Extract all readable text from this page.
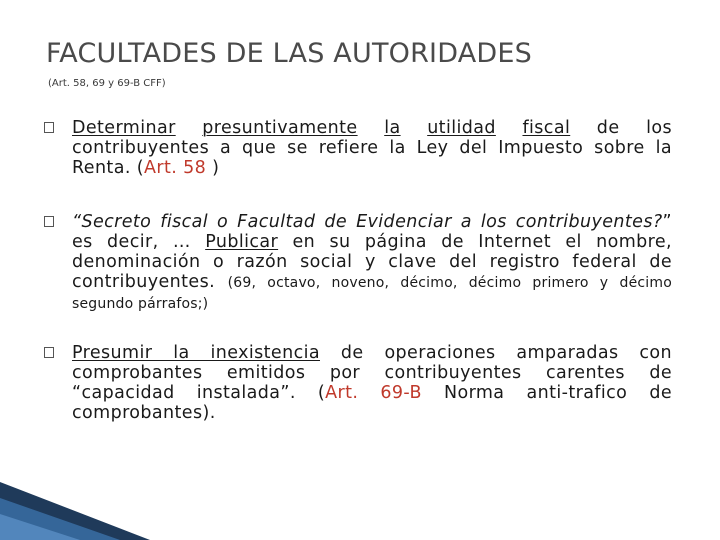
FACULTADES DE LAS AUTORIDADES
(Art. 58, 69 y 69-B CFF)
Determinar presuntivamente la utilidad fiscal de los contribuyentes a que se refiere la Ley del Impuesto sobre la Renta. (Art. 58 )
“Secreto fiscal o Facultad de Evidenciar a los contribuyentes?” es decir, … Publicar en su página de Internet el nombre, denominación o razón social y clave del registro federal de contribuyentes. (69, octavo, noveno, décimo, décimo primero y décimo segundo párrafos;)
Presumir la inexistencia de operaciones amparadas con comprobantes emitidos por contribuyentes carentes de “capacidad instalada”. (Art. 69-B Norma anti-trafico de comprobantes).
